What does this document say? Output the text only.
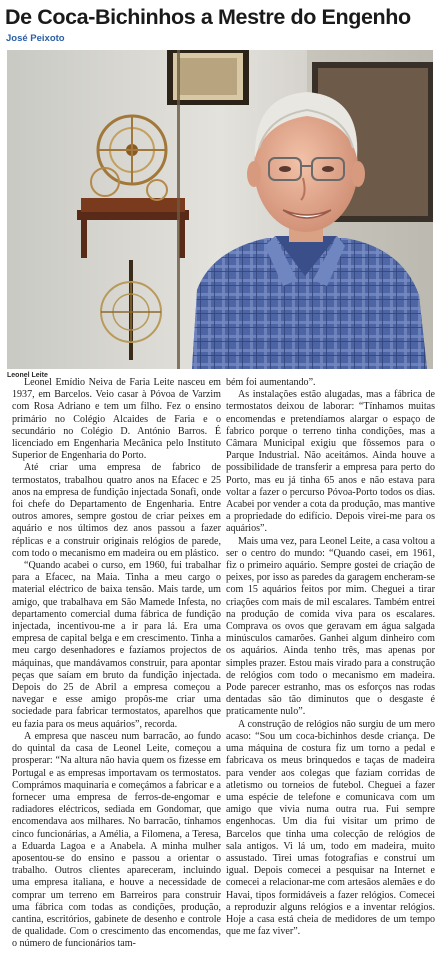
De Coca-Bichinhos a Mestre do Engenho
José Peixoto
Leonel Leite

Leonel Emídio Neiva de Faria Leite nasceu em 1937, em Barcelos. Veio casar à Póvoa de Varzim com Rosa Adriano e tem um filho. Fez o ensino primário no Colégio Alcaides de Faria e o secundário no Colégio D. António Barros. É licenciado em Engenharia Mecânica pelo Instituto Superior de Engenharia do Porto.

Até criar uma empresa de fabrico de termostatos, trabalhou quatro anos na Efacec e 25 anos na empresa de fundição injectada Sonafi, onde foi chefe do Departamento de Engenharia. Entre outros amores, sempre gostou de criar peixes em aquário e nos últimos dez anos passou a fazer réplicas e a construir originais relógios de parede, com todo o mecanismo em madeira ou em plástico.

“Quando acabei o curso, em 1960, fui trabalhar para a Efacec, na Maia. Tinha a meu cargo o material eléctrico de baixa tensão. Mais tarde, um amigo, que trabalhava em São Mamede Infesta, no departamento comercial duma fábrica de fundição injectada, incentivou-me a ir para lá. Era uma empresa de capital belga e em crescimento. Tinha a meu cargo desenhadores e fazíamos projectos de máquinas, que mandávamos construir, para apontar peças que saíam em bruto da fundição injectada. Depois do 25 de Abril a empresa começou a navegar e esse amigo propôs-me criar uma sociedade para fabricar termostatos, aparelhos que eu fazia para os meus aquários”, recorda.

A empresa que nasceu num barracão, ao fundo do quintal da casa de Leonel Leite, começou a prosperar: “Na altura não havia quem os fizesse em Portugal e as empresas importavam os termostatos. Comprámos maquinaria e começámos a fabricar e a fornecer uma empresa de ferros-de-engomar e radiadores eléctricos, sediada em Gondomar, que encomendava aos milhares. No barracão, tínhamos cinco funcionárias, a Amélia, a Filomena, a Teresa, a Eduarda Lagoa e a Anabela. A minha mulher aposentou-se do ensino e passou a orientar o trabalho. Outros clientes apareceram, incluindo uma empresa italiana, e houve a necessidade de comprar um terreno em Barreiros para construir uma fábrica com todas as condições, produção, cantina, escritórios, gabinete de desenho e controle de qualidade. Com o crescimento das encomendas, o número de funcionários tam-

bém foi aumentando”.

As instalações estão alugadas, mas a fábrica de termostatos deixou de laborar: “Tínhamos muitas encomendas e pretendíamos alargar o espaço de fabrico porque o terreno tinha condições, mas a Câmara Municipal exigiu que fôssemos para o Parque Industrial. Não aceitámos. Ainda houve a possibilidade de transferir a empresa para perto do Porto, mas eu já tinha 65 anos e não estava para voltar a fazer o percurso Póvoa-Porto todos os dias. Acabei por vender a cota da produção, mas mantive a propriedade do edifício. Depois virei-me para os aquários”.

Mais uma vez, para Leonel Leite, a casa voltou a ser o centro do mundo: “Quando casei, em 1961, fiz o primeiro aquário. Sempre gostei de criação de peixes, por isso as paredes da garagem encheram-se com 15 aquários feitos por mim. Cheguei a tirar criações com mais de mil escalares. Também entrei na produção de comida viva para os escalares. Comprava os ovos que geravam em água salgada minúsculos camarões. Ganhei algum dinheiro com os aquários. Ainda tenho três, mas apenas por simples prazer. Estou mais virado para a construção de relógios com todo o mecanismo em madeira. Pode parecer estranho, mas os esforços nas rodas dentadas são tão diminutos que o desgaste é praticamente nulo”.

A construção de relógios não surgiu de um mero acaso: “Sou um coca-bichinhos desde criança. De uma máquina de costura fiz um torno a pedal e fabricava os meus brinquedos e taças de madeira para vender aos colegas que faziam corridas de atletismo ou torneios de futebol. Cheguei a fazer uma espécie de telefone e comunicava com um amigo que vivia numa outra rua. Fui sempre engenhocas. Um dia fui visitar um primo de Barcelos que tinha uma colecção de relógios de sala antigos. Vi lá um, todo em madeira, muito assustado. Tirei umas fotografias e construí um igual. Depois comecei a pesquisar na Internet e comecei a relacionar-me com artesãos alemães e do Havai, tipos formidáveis a fazer relógios. Comecei a reproduzir alguns relógios e a inventar relógios. Hoje a casa está cheia de medidores de um tempo que me faz viver”.
